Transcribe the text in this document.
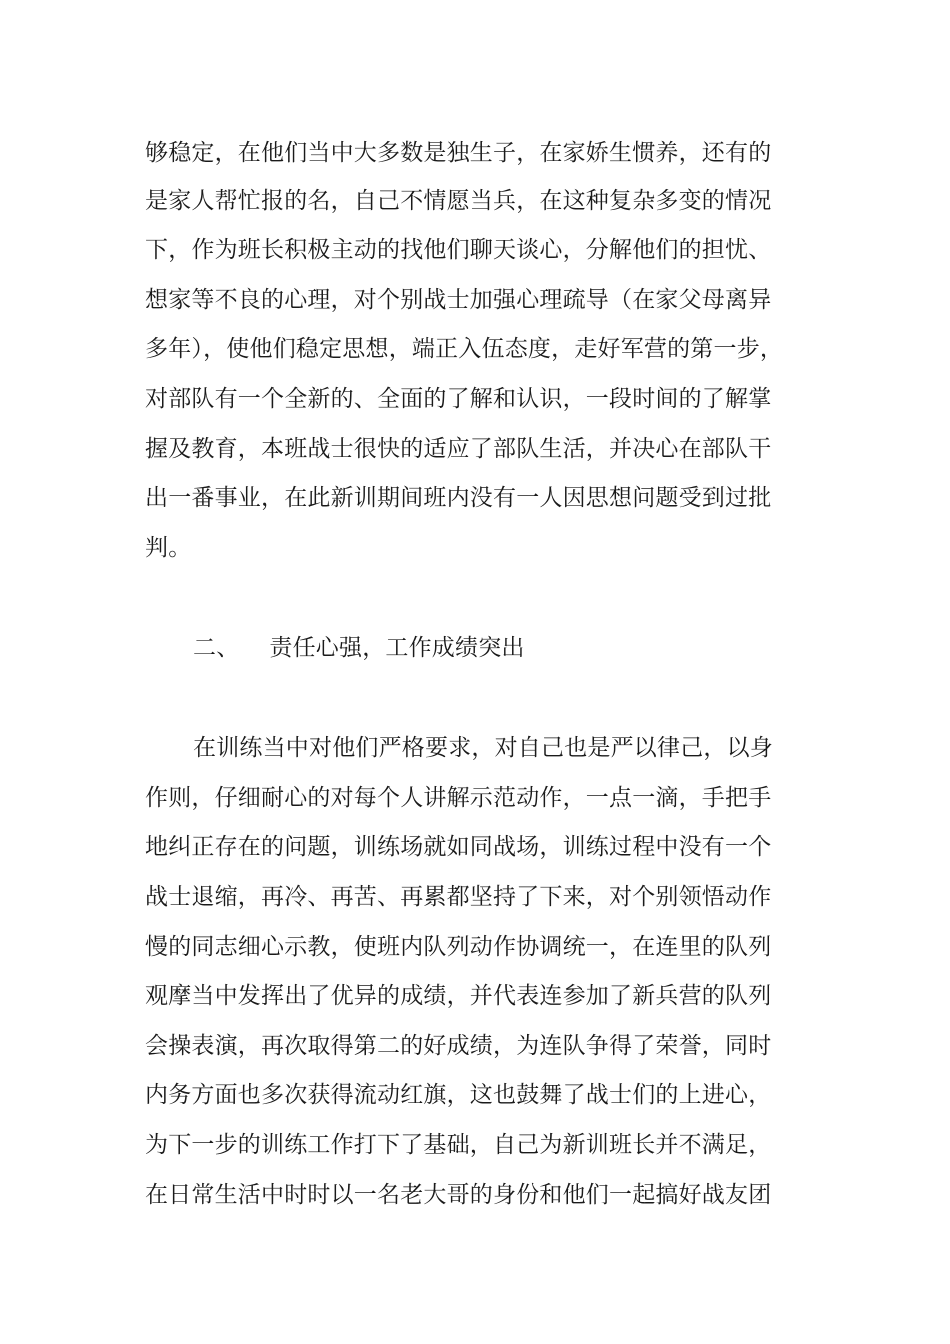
够稳定，在他们当中大多数是独生子，在家娇生惯养，还有的
是家人帮忙报的名，自己不情愿当兵，在这种复杂多变的情况
下，作为班长积极主动的找他们聊天谈心，分解他们的担忧、
想家等不良的心理，对个别战士加强心理疏导（在家父母离异
多年），使他们稳定思想，端正入伍态度，走好军营的第一步，
对部队有一个全新的、全面的了解和认识，一段时间的了解掌
握及教育，本班战士很快的适应了部队生活，并决心在部队干
出一番事业，在此新训期间班内没有一人因思想问题受到过批
判。
二、 责任心强，工作成绩突出
在训练当中对他们严格要求，对自己也是严以律己，以身
作则，仔细耐心的对每个人讲解示范动作，一点一滴，手把手
地纠正存在的问题，训练场就如同战场，训练过程中没有一个
战士退缩，再冷、再苦、再累都坚持了下来，对个别领悟动作
慢的同志细心示教，使班内队列动作协调统一，在连里的队列
观摩当中发挥出了优异的成绩，并代表连参加了新兵营的队列
会操表演，再次取得第二的好成绩，为连队争得了荣誉，同时
内务方面也多次获得流动红旗，这也鼓舞了战士们的上进心，
为下一步的训练工作打下了基础，自己为新训班长并不满足，
在日常生活中时时以一名老大哥的身份和他们一起搞好战友团
